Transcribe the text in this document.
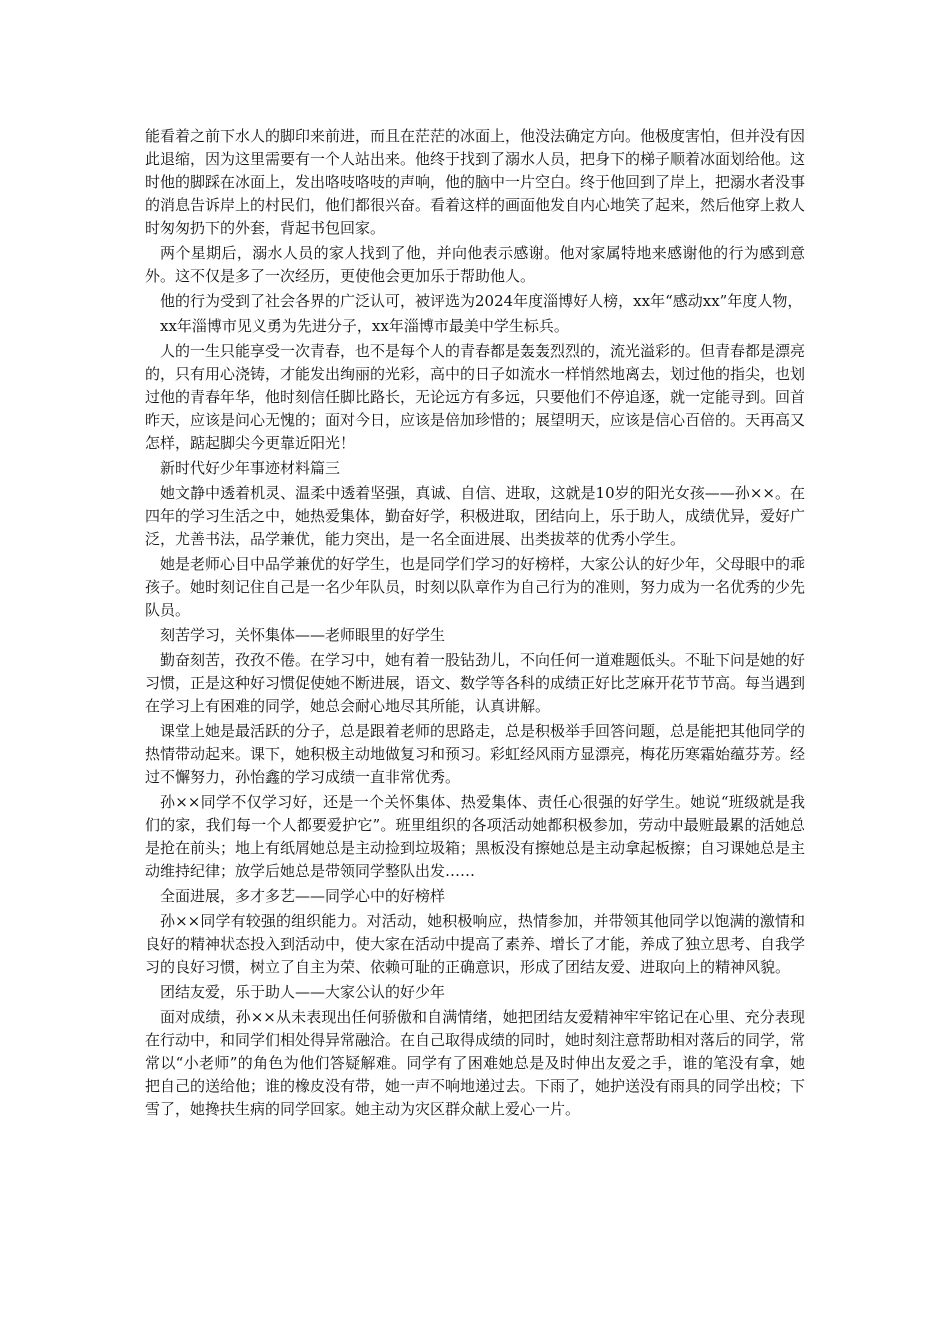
能看着之前下水人的脚印来前进，而且在茫茫的冰面上，他没法确定方向。他极度害怕，但并没有因此退缩，因为这里需要有一个人站出来。他终于找到了溺水人员，把身下的梯子顺着冰面划给他。这时他的脚踩在冰面上，发出咯吱咯吱的声响，他的脑中一片空白。终于他回到了岸上，把溺水者没事的消息告诉岸上的村民们，他们都很兴奋。看着这样的画面他发自内心地笑了起来，然后他穿上救人时匆匆扔下的外套，背起书包回家。

两个星期后，溺水人员的家人找到了他，并向他表示感谢。他对家属特地来感谢他的行为感到意外。这不仅是多了一次经历，更使他会更加乐于帮助他人。

他的行为受到了社会各界的广泛认可，被评选为2024年度淄博好人榜，xx年“感动xx”年度人物，

xx年淄博市见义勇为先进分子，xx年淄博市最美中学生标兵。

人的一生只能享受一次青春，也不是每个人的青春都是轰轰烈烈的，流光溢彩的。但青春都是漂亮的，只有用心浇铸，才能发出绚丽的光彩，高中的日子如流水一样悄然地离去，划过他的指尖，也划过他的青春年华，他时刻信任脚比路长，无论远方有多远，只要他们不停追逐，就一定能寻到。回首昨天，应该是问心无愧的；面对今日，应该是倍加珍惜的；展望明天，应该是信心百倍的。天再高又怎样，踮起脚尖今更靠近阳光！

新时代好少年事迹材料篇三

她文静中透着机灵、温柔中透着坚强，真诚、自信、进取，这就是10岁的阳光女孩——孙××。在四年的学习生活之中，她热爱集体，勤奋好学，积极进取，团结向上，乐于助人，成绩优异，爱好广泛，尤善书法，品学兼优，能力突出，是一名全面进展、出类拔萃的优秀小学生。

她是老师心目中品学兼优的好学生，也是同学们学习的好榜样，大家公认的好少年，父母眼中的乖孩子。她时刻记住自己是一名少年队员，时刻以队章作为自己行为的准则，努力成为一名优秀的少先队员。

刻苦学习，关怀集体——老师眼里的好学生

勤奋刻苦，孜孜不倦。在学习中，她有着一股钻劲儿，不向任何一道难题低头。不耻下问是她的好习惯，正是这种好习惯促使她不断进展，语文、数学等各科的成绩正好比芝麻开花节节高。每当遇到在学习上有困难的同学，她总会耐心地尽其所能，认真讲解。

课堂上她是最活跃的分子，总是跟着老师的思路走，总是积极举手回答问题，总是能把其他同学的热情带动起来。课下，她积极主动地做复习和预习。彩虹经风雨方显漂亮，梅花历寒霜始蕴芬芳。经过不懈努力，孙怡鑫的学习成绩一直非常优秀。

孙××同学不仅学习好，还是一个关怀集体、热爱集体、责任心很强的好学生。她说“班级就是我们的家，我们每一个人都要爱护它”。班里组织的各项活动她都积极参加，劳动中最赃最累的活她总是抢在前头；地上有纸屑她总是主动捡到垃圾箱；黑板没有擦她总是主动拿起板擦；自习课她总是主动维持纪律；放学后她总是带领同学整队出发……

全面进展，多才多艺——同学心中的好榜样

孙××同学有较强的组织能力。对活动，她积极响应，热情参加，并带领其他同学以饱满的激情和良好的精神状态投入到活动中，使大家在活动中提高了素养、增长了才能，养成了独立思考、自我学习的良好习惯，树立了自主为荣、依赖可耻的正确意识，形成了团结友爱、进取向上的精神风貌。

团结友爱，乐于助人——大家公认的好少年

面对成绩，孙××从未表现出任何骄傲和自满情绪，她把团结友爱精神牢牢铭记在心里、充分表现在行动中，和同学们相处得异常融洽。在自己取得成绩的同时，她时刻注意帮助相对落后的同学，常常以“小老师”的角色为他们答疑解难。同学有了困难她总是及时伸出友爱之手，谁的笔没有拿，她把自己的送给他；谁的橡皮没有带，她一声不响地递过去。下雨了，她护送没有雨具的同学出校；下雪了，她搀扶生病的同学回家。她主动为灾区群众献上爱心一片。
